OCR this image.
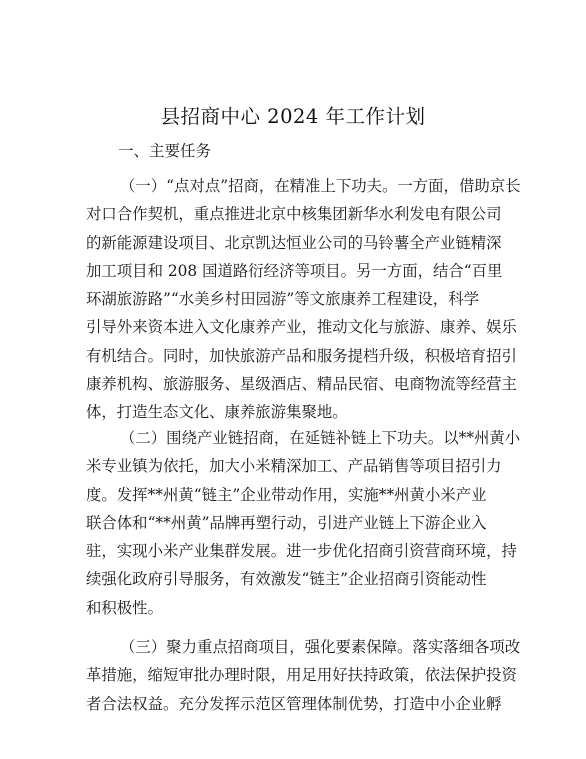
县招商中心 2024 年工作计划
一、主要任务
（一）“点对点”招商，在精准上下功夫。一方面，借助京长
对口合作契机，重点推进北京中核集团新华水利发电有限公司
的新能源建设项目、北京凯达恒业公司的马铃薯全产业链精深
加工项目和 208 国道路衍经济等项目。另一方面，结合“百里
环湖旅游路”“水美乡村田园游”等文旅康养工程建设，科学
引导外来资本进入文化康养产业，推动文化与旅游、康养、娱乐
有机结合。同时，加快旅游产品和服务提档升级，积极培育招引
康养机构、旅游服务、星级酒店、精品民宿、电商物流等经营主
体，打造生态文化、康养旅游集聚地。
（二）围绕产业链招商，在延链补链上下功夫。以**州黄小
米专业镇为依托，加大小米精深加工、产品销售等项目招引力
度。发挥**州黄“链主”企业带动作用，实施**州黄小米产业
联合体和“**州黄”品牌再塑行动，引进产业链上下游企业入
驻，实现小米产业集群发展。进一步优化招商引资营商环境，持
续强化政府引导服务，有效激发“链主”企业招商引资能动性
和积极性。
（三）聚力重点招商项目，强化要素保障。落实落细各项改
革措施，缩短审批办理时限，用足用好扶持政策，依法保护投资
者合法权益。充分发挥示范区管理体制优势，打造中小企业孵
